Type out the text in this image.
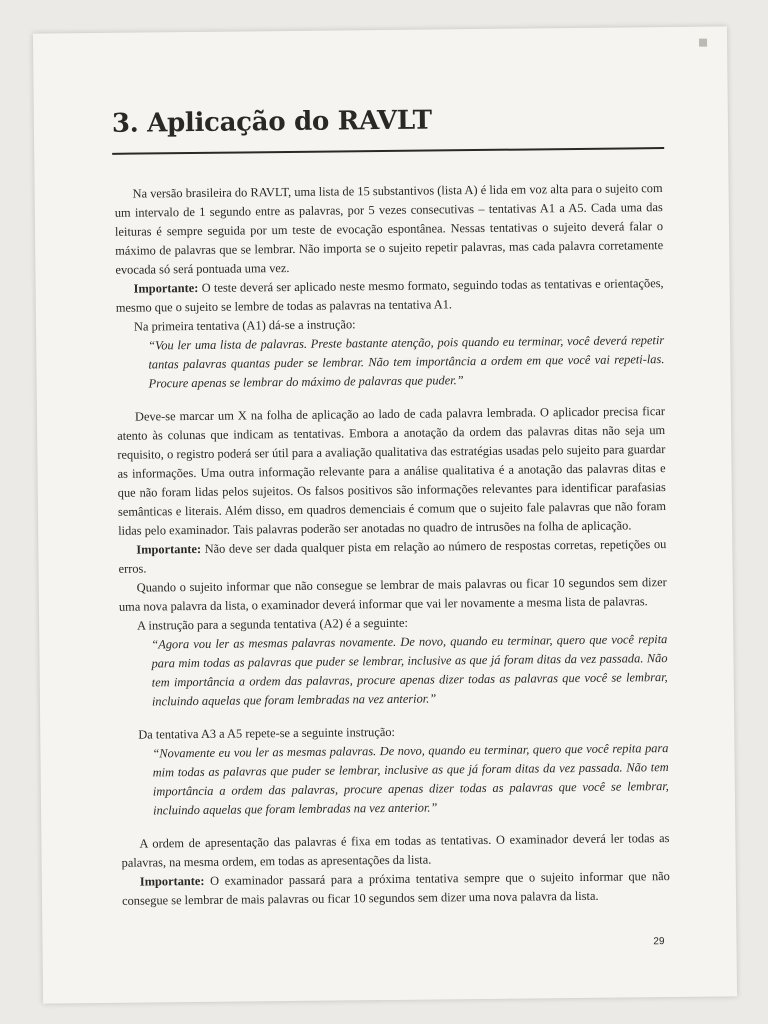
3. Aplicação do RAVLT

Na versão brasileira do RAVLT, uma lista de 15 substantivos (lista A) é lida em voz alta para o sujeito com um intervalo de 1 segundo entre as palavras, por 5 vezes consecutivas – tentativas A1 a A5. Cada uma das leituras é sempre seguida por um teste de evocação espontânea. Nessas tentativas o sujeito deverá falar o máximo de palavras que se lembrar. Não importa se o sujeito repetir palavras, mas cada palavra corretamente evocada só será pontuada uma vez.

Importante: O teste deverá ser aplicado neste mesmo formato, seguindo todas as tentativas e orientações, mesmo que o sujeito se lembre de todas as palavras na tentativa A1.

Na primeira tentativa (A1) dá-se a instrução:

“Vou ler uma lista de palavras. Preste bastante atenção, pois quando eu terminar, você deverá repetir tantas palavras quantas puder se lembrar. Não tem importância a ordem em que você vai repeti-las. Procure apenas se lembrar do máximo de palavras que puder.”

Deve-se marcar um X na folha de aplicação ao lado de cada palavra lembrada. O aplicador precisa ficar atento às colunas que indicam as tentativas. Embora a anotação da ordem das palavras ditas não seja um requisito, o registro poderá ser útil para a avaliação qualitativa das estratégias usadas pelo sujeito para guardar as informações. Uma outra informação relevante para a análise qualitativa é a anotação das palavras ditas e que não foram lidas pelos sujeitos. Os falsos positivos são informações relevantes para identificar parafasias semânticas e literais. Além disso, em quadros demenciais é comum que o sujeito fale palavras que não foram lidas pelo examinador. Tais palavras poderão ser anotadas no quadro de intrusões na folha de aplicação.

Importante: Não deve ser dada qualquer pista em relação ao número de respostas corretas, repetições ou erros.

Quando o sujeito informar que não consegue se lembrar de mais palavras ou ficar 10 segundos sem dizer uma nova palavra da lista, o examinador deverá informar que vai ler novamente a mesma lista de palavras.

A instrução para a segunda tentativa (A2) é a seguinte:

“Agora vou ler as mesmas palavras novamente. De novo, quando eu terminar, quero que você repita para mim todas as palavras que puder se lembrar, inclusive as que já foram ditas da vez passada. Não tem importância a ordem das palavras, procure apenas dizer todas as palavras que você se lembrar, incluindo aquelas que foram lembradas na vez anterior.”

Da tentativa A3 a A5 repete-se a seguinte instrução:

“Novamente eu vou ler as mesmas palavras. De novo, quando eu terminar, quero que você repita para mim todas as palavras que puder se lembrar, inclusive as que já foram ditas da vez passada. Não tem importância a ordem das palavras, procure apenas dizer todas as palavras que você se lembrar, incluindo aquelas que foram lembradas na vez anterior.”

A ordem de apresentação das palavras é fixa em todas as tentativas. O examinador deverá ler todas as palavras, na mesma ordem, em todas as apresentações da lista.

Importante: O examinador passará para a próxima tentativa sempre que o sujeito informar que não consegue se lembrar de mais palavras ou ficar 10 segundos sem dizer uma nova palavra da lista.

29
